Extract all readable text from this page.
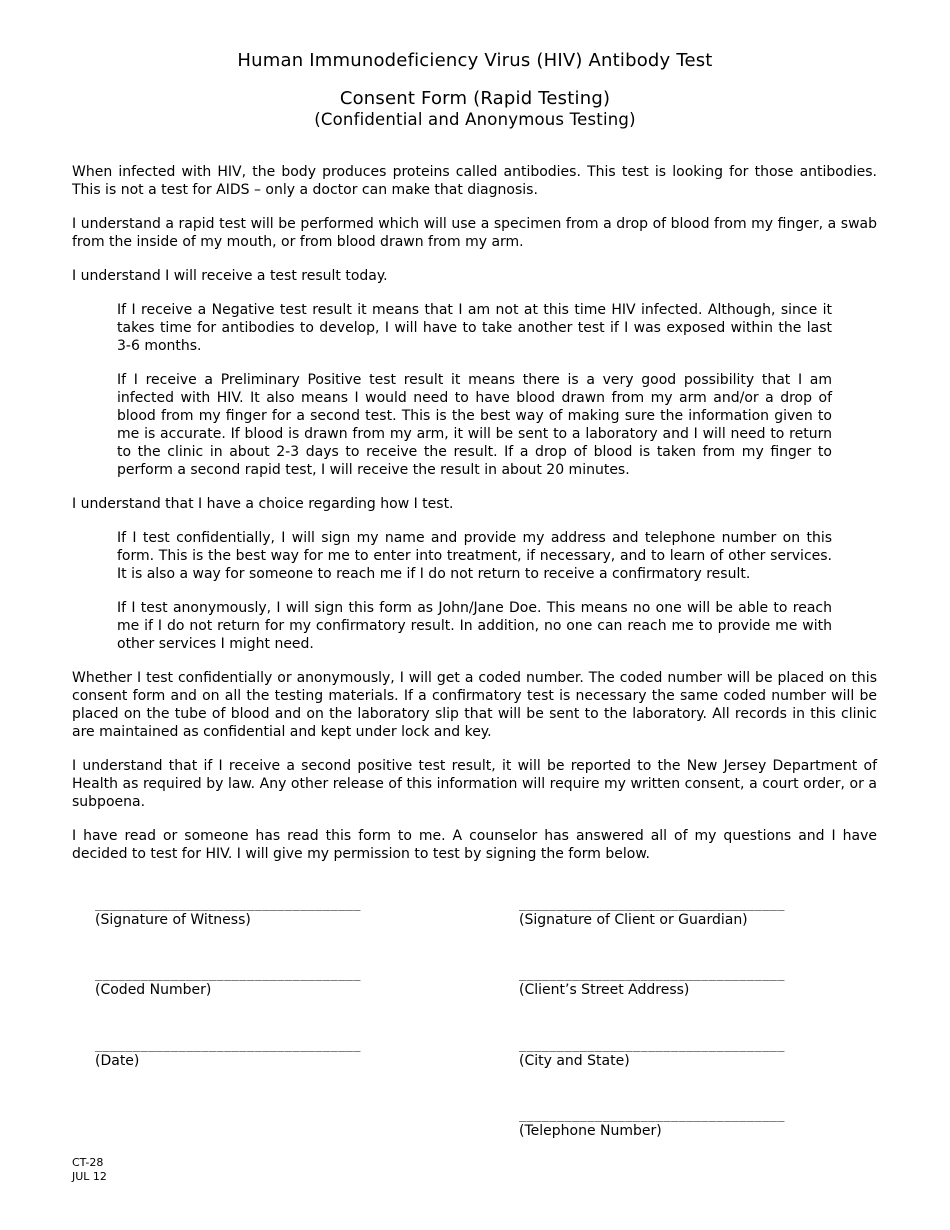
Human Immunodeficiency Virus (HIV) Antibody Test
Consent Form (Rapid Testing)
(Confidential and Anonymous Testing)

When infected with HIV, the body produces proteins called antibodies. This test is looking for those antibodies. This is not a test for AIDS – only a doctor can make that diagnosis.

I understand a rapid test will be performed which will use a specimen from a drop of blood from my finger, a swab from the inside of my mouth, or from blood drawn from my arm.

I understand I will receive a test result today.

If I receive a Negative test result it means that I am not at this time HIV infected. Although, since it takes time for antibodies to develop, I will have to take another test if I was exposed within the last 3-6 months.

If I receive a Preliminary Positive test result it means there is a very good possibility that I am infected with HIV. It also means I would need to have blood drawn from my arm and/or a drop of blood from my finger for a second test. This is the best way of making sure the information given to me is accurate. If blood is drawn from my arm, it will be sent to a laboratory and I will need to return to the clinic in about 2-3 days to receive the result. If a drop of blood is taken from my finger to perform a second rapid test, I will receive the result in about 20 minutes.

I understand that I have a choice regarding how I test.

If I test confidentially, I will sign my name and provide my address and telephone number on this form. This is the best way for me to enter into treatment, if necessary, and to learn of other services. It is also a way for someone to reach me if I do not return to receive a confirmatory result.

If I test anonymously, I will sign this form as John/Jane Doe. This means no one will be able to reach me if I do not return for my confirmatory result. In addition, no one can reach me to provide me with other services I might need.

Whether I test confidentially or anonymously, I will get a coded number. The coded number will be placed on this consent form and on all the testing materials. If a confirmatory test is necessary the same coded number will be placed on the tube of blood and on the laboratory slip that will be sent to the laboratory. All records in this clinic are maintained as confidential and kept under lock and key.

I understand that if I receive a second positive test result, it will be reported to the New Jersey Department of Health as required by law. Any other release of this information will require my written consent, a court order, or a subpoena.

I have read or someone has read this form to me. A counselor has answered all of my questions and I have decided to test for HIV. I will give my permission to test by signing the form below.

___________________________________
(Signature of Witness)
___________________________________
(Coded Number)
___________________________________
(Date)
___________________________________
(Signature of Client or Guardian)
___________________________________
(Client’s Street Address)
___________________________________
(City and State)
___________________________________
(Telephone Number)
CT-28
JUL 12
